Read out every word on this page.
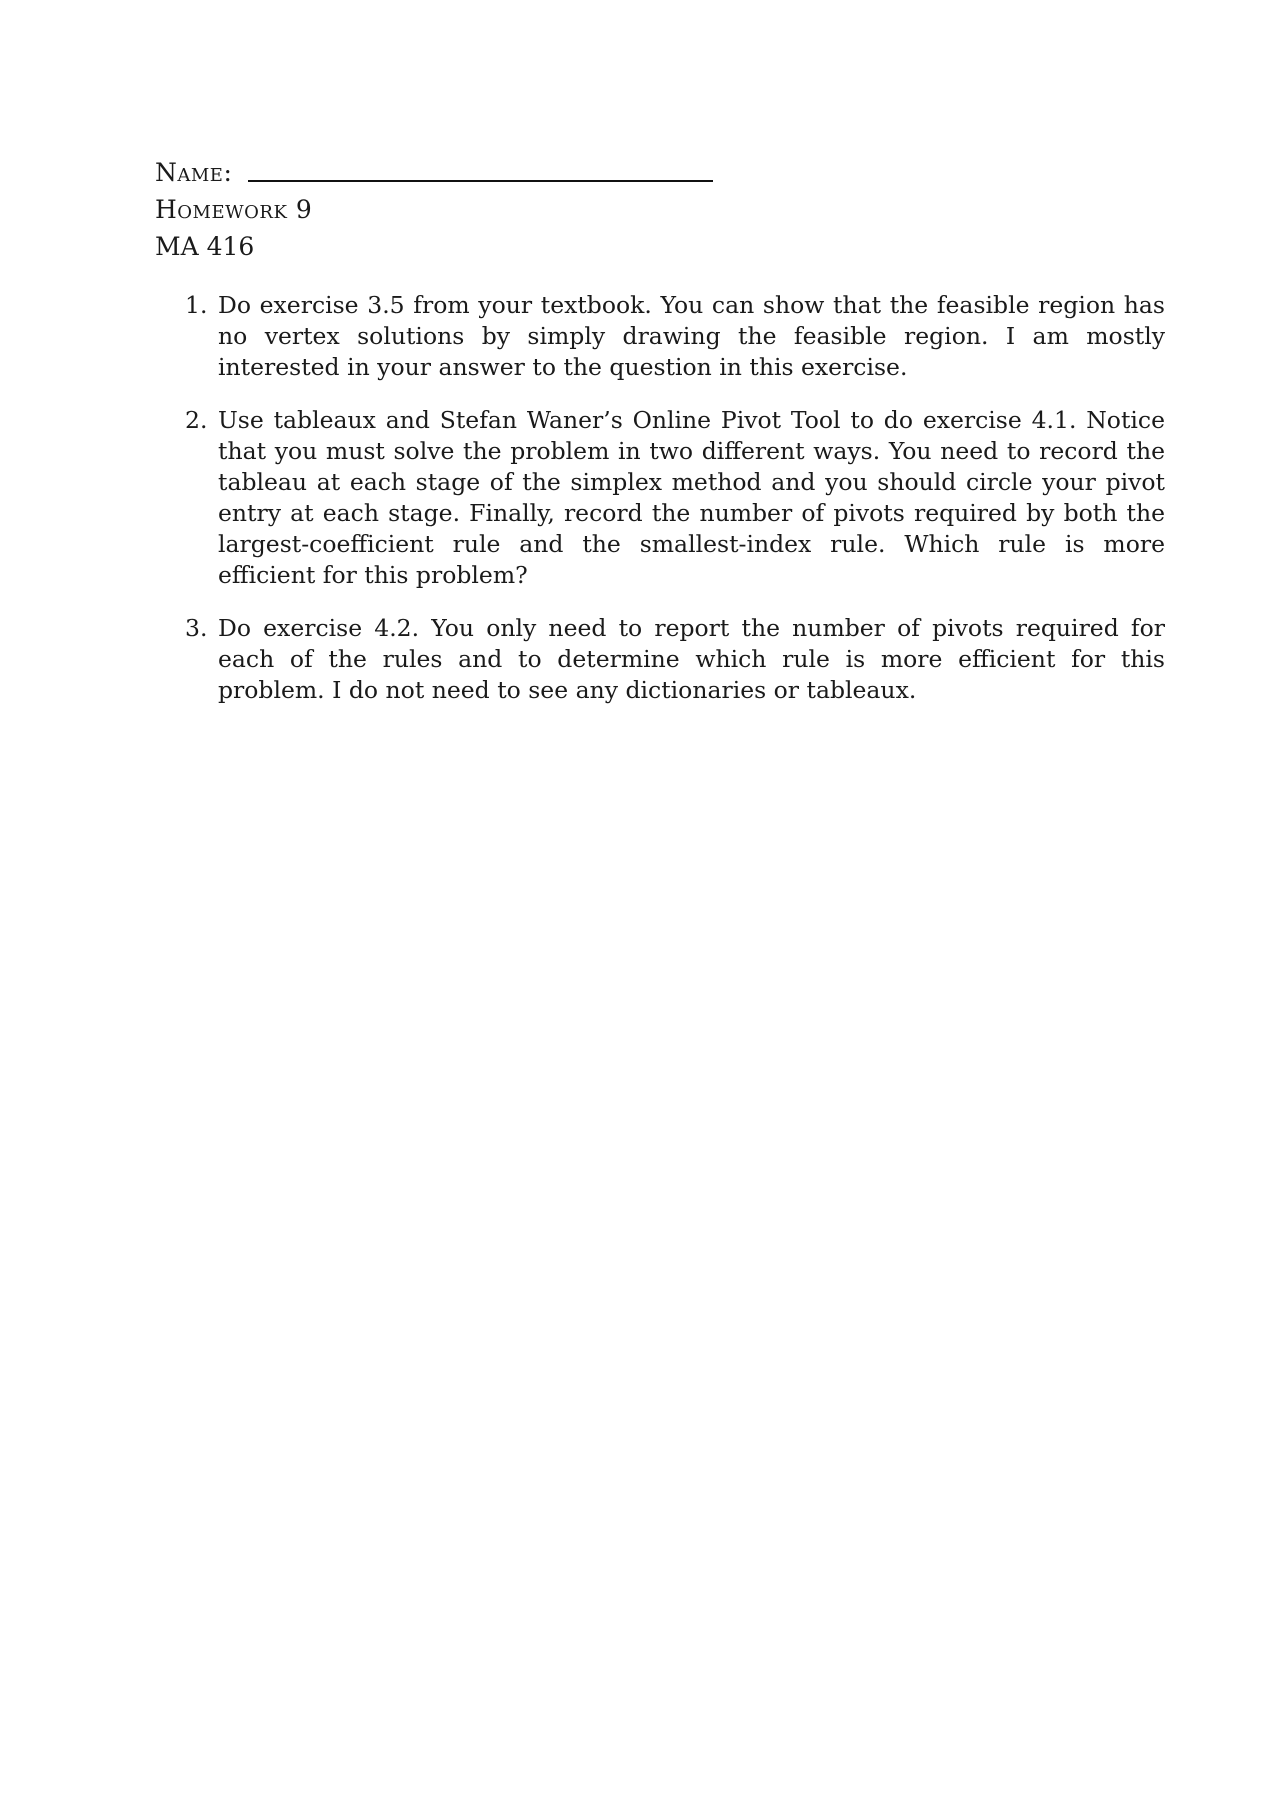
Name:
Homework 9
MA 416
1. Do exercise 3.5 from your textbook. You can show that the feasible region has no vertex solutions by simply drawing the feasible region. I am mostly interested in your answer to the question in this exercise.
2. Use tableaux and Stefan Waner’s Online Pivot Tool to do exercise 4.1. Notice that you must solve the problem in two different ways. You need to record the tableau at each stage of the simplex method and you should circle your pivot entry at each stage. Finally, record the number of pivots required by both the largest-coefficient rule and the smallest-index rule. Which rule is more efficient for this problem?
3. Do exercise 4.2. You only need to report the number of pivots required for each of the rules and to determine which rule is more efficient for this problem. I do not need to see any dictionaries or tableaux.
